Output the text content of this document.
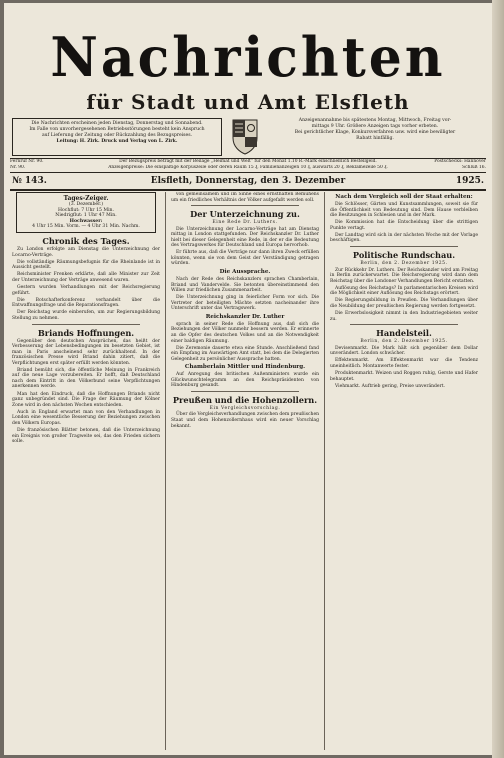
Nachrichten
für Stadt und Amt Elsfleth
Die Nachrichten erscheinen jeden Dienstag, Donnerstag und Sonnabend.
Im Falle von unvorhergesehenen Betriebsstörungen besteht kein Anspruch
auf Lieferung der Zeitung oder Rückzahlung des Bezugspreises.
Leitung: H. Zirk. Druck und Verlag von L. Zirk.
Anzeigenannahme bis spätestens Montag, Mittwoch, Freitag vor-
mittags 9 Uhr. Größere Anzeigen tags vorher erbeten.
Bei gerichtlicher Klage, Konkursverfahren usw. wird eine bewilligter
Rabatt hinfällig.
Fernruf Nr. 90.	Der Bezugspreis beträgt mit der Beilage „Heimat und Welt“ für den Monat 1.10 R.-Mark einschließlich Bestellgeld.	Postschecks: Hannover
Nr. 90.	Anzeigenpreise: Die einspaltige Korpuszeile oder deren Raum 15 ₰, Familienanzeigen 10 ₰, auswärts 20 ₰, Reklamezeile 50 ₰.	Schluß 16.
№ 143.	Elsfleth, Donnerstag, den 3. Dezember	1925.
Tages-Zeiger.
(3. Dezember.)
Hochflut: 7 Uhr 15 Min.
Niedrigflut: 1 Uhr 47 Min.
Hochwasser:
4 Uhr 15 Min. Vorm. — 4 Uhr 31 Min. Nachm.
Chronik des Tages.

Zu London erfolgte am Dienstag die Unterzeichnung der Locarno-Verträge.

Die vollständige Räumungsbefugnis für die Rheinlande ist in Aussicht gestellt.

Reichsminister Frenken erklärte, daß alle Minister zur Zeit der Unterzeichnung der Verträge anwesend waren.

Gestern wurden Verhandlungen mit der Reichsregierung geführt.

Die Botschafterkonferenz verhandelt über die Entwaffnungsfrage und die Reparationsfragen.

Der Reichstag wurde einberufen, um zur Regierungsbildung Stellung zu nehmen.

Briands Hoffnungen.

Gegenüber den deutschen Ansprüchen, das heißt der Verbesserung der Lebensbedingungen im besetzten Gebiet, ist man in Paris anscheinend sehr zurückhaltend. In der französischen Presse wird Briand dahin zitiert, daß die Verpflichtungen erst später erfüllt werden könnten.

Briand bemüht sich, die öffentliche Meinung in Frankreich auf die neue Lage vorzubereiten. Er hofft, daß Deutschland nach dem Eintritt in den Völkerbund seine Verpflichtungen anerkennen werde.

Man hat den Eindruck, daß die Hoffnungen Briands nicht ganz unbegründet sind. Die Frage der Räumung der Kölner Zone wird in den nächsten Wochen entschieden.

Auch in England erwartet man von den Verhandlungen in London eine wesentliche Besserung der Beziehungen zwischen den Völkern Europas.

Die französischen Blätter betonen, daß die Unterzeichnung ein Ereignis von großer Tragweite sei, das den Frieden sichern solle.

von gemeinsamem und im Sinne eines ernsthaften Bemühens um ein friedliches Verhältnis der Völker aufgefaßt werden soll.

Der Unterzeichnung zu.
Eine Rede Dr. Luthers.

Die Unterzeichnung der Locarno-Verträge hat am Dienstag mittag in London stattgefunden. Der Reichskanzler Dr. Luther hielt bei dieser Gelegenheit eine Rede, in der er die Bedeutung des Vertragswerkes für Deutschland und Europa hervorhob.

Er führte aus, daß die Verträge nur dann ihren Zweck erfüllen könnten, wenn sie von dem Geist der Verständigung getragen würden.

Die Aussprache.

Nach der Rede des Reichskanzlers sprachen Chamberlain, Briand und Vandervelde. Sie betonten übereinstimmend den Willen zur friedlichen Zusammenarbeit.

Die Unterzeichnung ging in feierlicher Form vor sich. Die Vertreter der beteiligten Mächte setzten nacheinander ihre Unterschrift unter das Vertragswerk.

Reichskanzler Dr. Luther

sprach in seiner Rede die Hoffnung aus, daß sich die Beziehungen der Völker nunmehr bessern werden. Er erinnerte an die Opfer des deutschen Volkes und an die Notwendigkeit einer baldigen Räumung.

Die Zeremonie dauerte etwa eine Stunde. Anschließend fand ein Empfang im Auswärtigen Amt statt, bei dem die Delegierten Gelegenheit zu persönlicher Aussprache hatten.

Chamberlain Mittler und Hindenburg.

Auf Anregung des britischen Außenministers wurde ein Glückwunschtelegramm an den Reichspräsidenten von Hindenburg gesandt.

Preußen und die Hohenzollern.
Ein Vergleichsvorschlag.

Über die Vergleichsverhandlungen zwischen dem preußischen Staat und dem Hohenzollernhaus wird ein neuer Vorschlag bekannt.

Nach dem Vergleich soll der Staat erhalten:

Die Schlösser, Gärten und Kunstsammlungen, soweit sie für die Öffentlichkeit von Bedeutung sind. Dem Hause verbleiben die Besitzungen in Schlesien und in der Mark.

Die Kommission hat die Entscheidung über die strittigen Punkte vertagt.

Der Landtag wird sich in der nächsten Woche mit der Vorlage beschäftigen.

Politische Rundschau.
Berlin, den 2. Dezember 1925.

Zur Rückkehr Dr. Luthers. Der Reichskanzler wird am Freitag in Berlin zurückerwartet. Die Reichsregierung wird dann dem Reichstag über die Londoner Verhandlungen Bericht erstatten.

Auflösung des Reichstags? In parlamentarischen Kreisen wird die Möglichkeit einer Auflösung des Reichstags erörtert.

Die Regierungsbildung in Preußen. Die Verhandlungen über die Neubildung der preußischen Regierung werden fortgesetzt.

Die Erwerbslosigkeit nimmt in den Industriegebieten weiter zu.

Handelsteil.
Berlin, den 2. Dezember 1925.

Devisenmarkt. Die Mark hält sich gegenüber dem Dollar unverändert. London schwächer.

Effektenmarkt. Am Effektenmarkt war die Tendenz uneinheitlich. Montanwerte fester.

Produktenmarkt. Weizen und Roggen ruhig, Gerste und Hafer behauptet.

Viehmarkt. Auftrieb gering, Preise unverändert.
